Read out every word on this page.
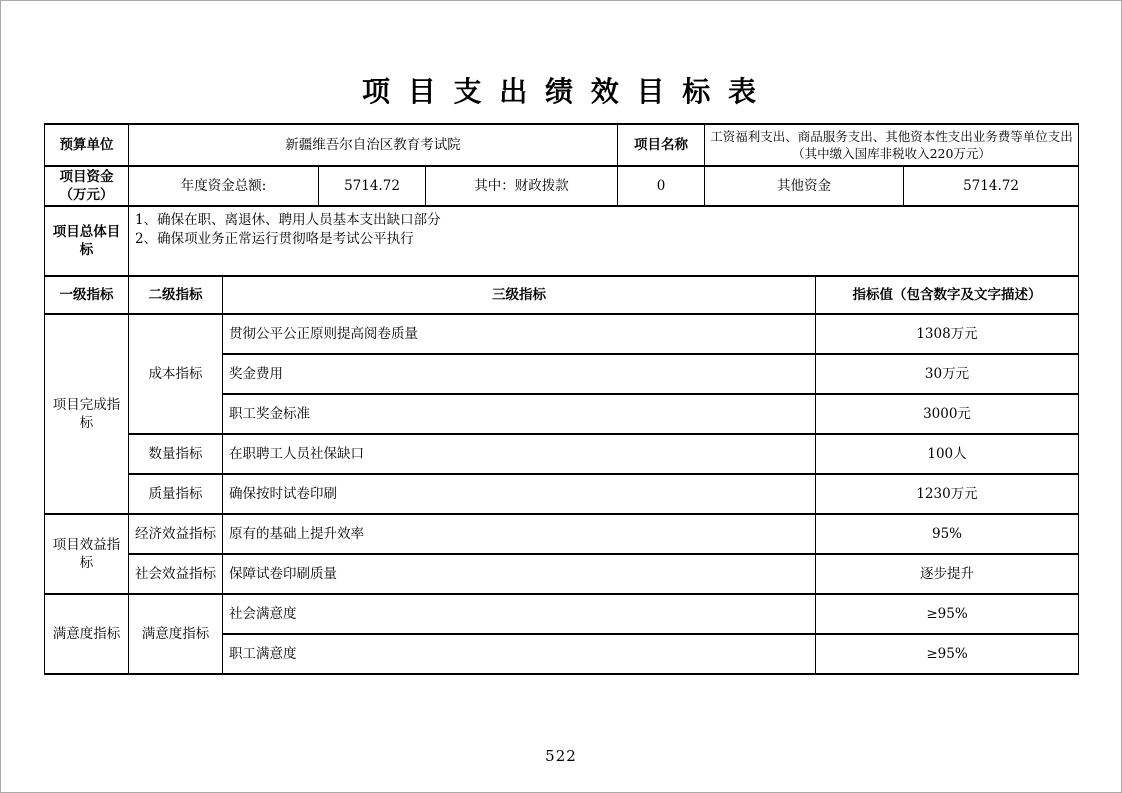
项 目 支 出 绩 效 目 标 表
预算单位	新疆维吾尔自治区教育考试院				项目名称	工资福利支出、商品服务支出、其他资本性支出业务费等单位支出（其中缴入国库非税收入220万元）		
项目资金（万元）	年度资金总额:		5714.72	其中：财政拨款	0	其他资金		5714.72
项目总体目标	1、确保在职、离退休、聘用人员基本支出缺口部分
2、确保项业务正常运行贯彻咯是考试公平执行							

一级指标	二级指标	三级指标					指标值（包含数字及文字描述）	
项目完成指标	成本指标	贯彻公平公正原则提高阅卷质量					1308万元	
		奖金费用					30万元	
		职工奖金标准					3000元	
	数量指标	在职聘工人员社保缺口					100人	
	质量指标	确保按时试卷印刷					1230万元	
项目效益指标	经济效益指标	原有的基础上提升效率					95%	
	社会效益指标	保障试卷印刷质量					逐步提升	
满意度指标	满意度指标	社会满意度					≥95%	
		职工满意度					≥95%	
522
